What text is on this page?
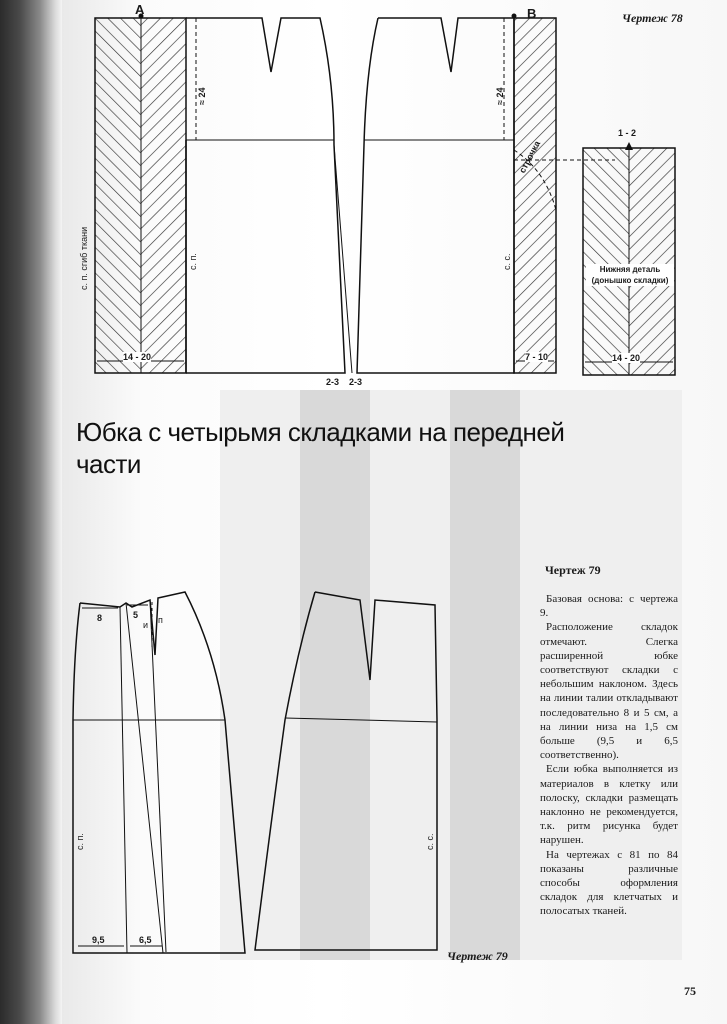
Чертеж 78
A	B
≈ 24	≈ 24
с. п. сгиб ткани	с. п.	с. с.
строчка
14 - 20
2-3 2-3
7 - 10
1 - 2
Нижняя деталь (донышко складки)
14 - 20
Юбка с четырьмя складками на передней части
8	5
и п
с. п.	с. с.
9,5	6,5
Чертеж 79
Чертеж 79

Базовая основа: с чертежа 9.

Расположение складок отмечают. Слегка расширенной юбке соответствуют складки с небольшим наклоном. Здесь на линии талии откладывают последовательно 8 и 5 см, а на линии низа на 1,5 см больше (9,5 и 6,5 соответственно).

Если юбка выполняется из материалов в клетку или полоску, складки размещать наклонно не рекомендуется, т.к. ритм рисунка будет нарушен.

На чертежах с 81 по 84 показаны различные способы оформления складок для клетчатых и полосатых тканей.

75
